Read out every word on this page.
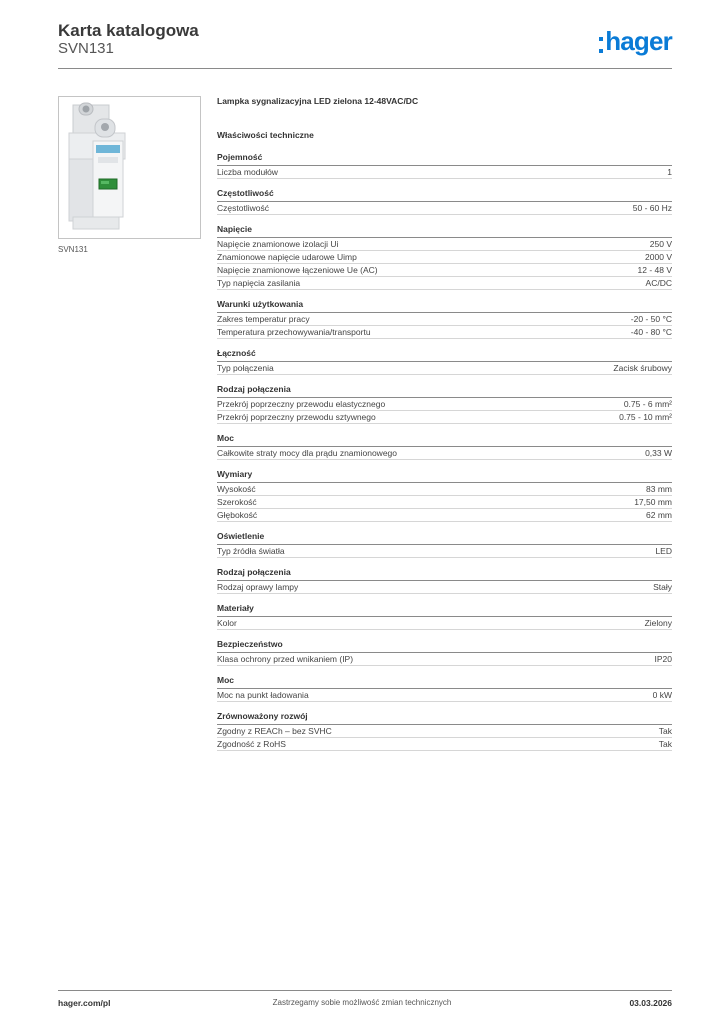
Karta katalogowa
SVN131	hager
SVN131
Lampka sygnalizacyjna LED zielona 12-48VAC/DC
Właściwości techniczne
Pojemność
Liczba modułów	1
Częstotliwość
Częstotliwość	50 - 60 Hz
Napięcie
Napięcie znamionowe izolacji Ui	250 V
Znamionowe napięcie udarowe Uimp	2000 V
Napięcie znamionowe łączeniowe Ue (AC)	12 - 48 V
Typ napięcia zasilania	AC/DC
Warunki użytkowania
Zakres temperatur pracy	-20 - 50 °C
Temperatura przechowywania/transportu	-40 - 80 °C
Łączność
Typ połączenia	Zacisk śrubowy
Rodzaj połączenia
Przekrój poprzeczny przewodu elastycznego	0.75 - 6 mm²
Przekrój poprzeczny przewodu sztywnego	0.75 - 10 mm²
Moc
Całkowite straty mocy dla prądu znamionowego	0,33 W
Wymiary
Wysokość	83 mm
Szerokość	17,50 mm
Głębokość	62 mm
Oświetlenie
Typ źródła światła	LED
Rodzaj połączenia
Rodzaj oprawy lampy	Stały
Materiały
Kolor	Zielony
Bezpieczeństwo
Klasa ochrony przed wnikaniem (IP)	IP20
Moc
Moc na punkt ładowania	0 kW
Zrównoważony rozwój
Zgodny z REACh – bez SVHC	Tak
Zgodność z RoHS	Tak
hager.com/pl	Zastrzegamy sobie możliwość zmian technicznych	03.03.2026
